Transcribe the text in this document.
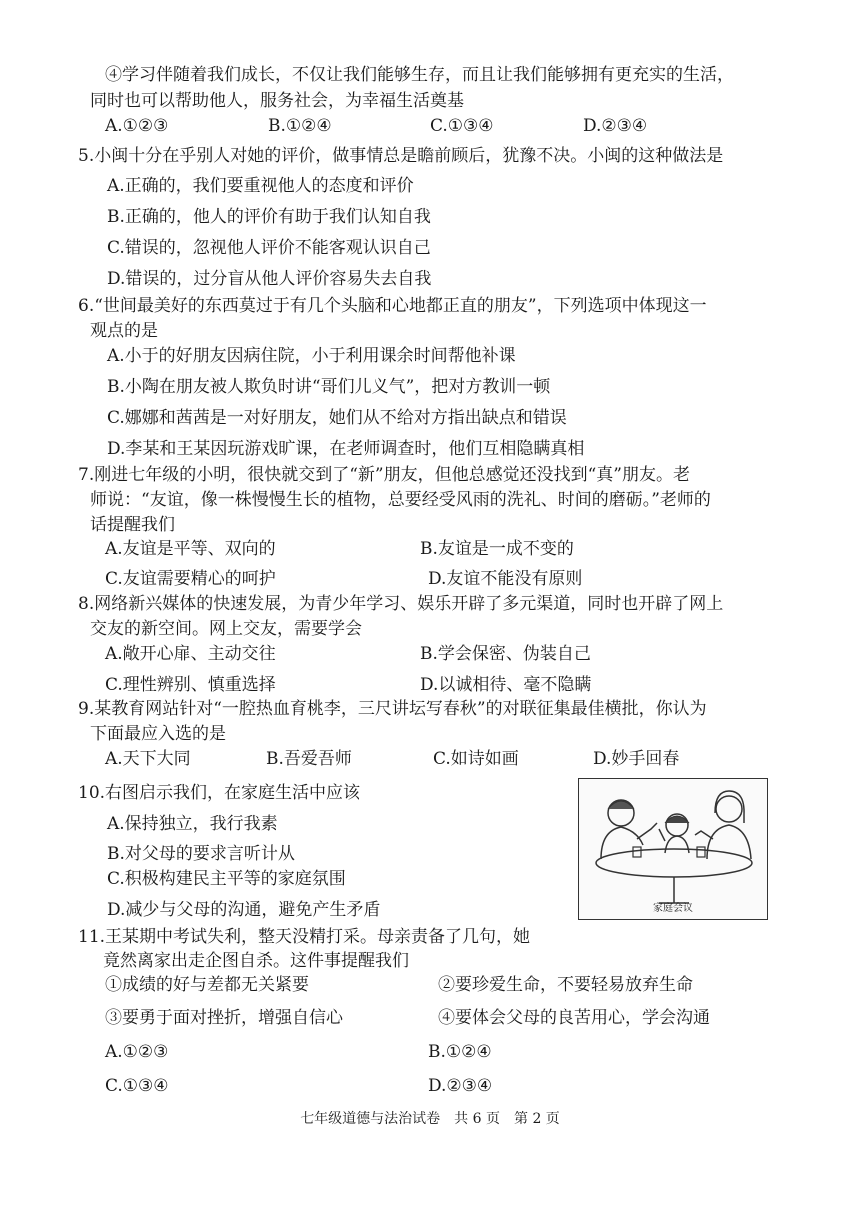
④学习伴随着我们成长，不仅让我们能够生存，而且让我们能够拥有更充实的生活，
同时也可以帮助他人，服务社会，为幸福生活奠基
A.①②③	B.①②④	C.①③④	D.②③④
5.小闽十分在乎别人对她的评价，做事情总是瞻前顾后，犹豫不决。小闽的这种做法是
A.正确的，我们要重视他人的态度和评价
B.正确的，他人的评价有助于我们认知自我
C.错误的，忽视他人评价不能客观认识自己
D.错误的，过分盲从他人评价容易失去自我
6.“世间最美好的东西莫过于有几个头脑和心地都正直的朋友”，下列选项中体现这一
观点的是
A.小于的好朋友因病住院，小于利用课余时间帮他补课
B.小陶在朋友被人欺负时讲“哥们儿义气”，把对方教训一顿
C.娜娜和茜茜是一对好朋友，她们从不给对方指出缺点和错误
D.李某和王某因玩游戏旷课，在老师调查时，他们互相隐瞒真相
7.刚进七年级的小明，很快就交到了“新”朋友，但他总感觉还没找到“真”朋友。老
师说：“友谊，像一株慢慢生长的植物，总要经受风雨的洗礼、时间的磨砺。”老师的
话提醒我们
A.友谊是平等、双向的	B.友谊是一成不变的
C.友谊需要精心的呵护	D.友谊不能没有原则
8.网络新兴媒体的快速发展，为青少年学习、娱乐开辟了多元渠道，同时也开辟了网上
交友的新空间。网上交友，需要学会
A.敞开心扉、主动交往	B.学会保密、伪装自己
C.理性辨别、慎重选择	D.以诚相待、毫不隐瞒
9.某教育网站针对“一腔热血育桃李，三尺讲坛写春秋”的对联征集最佳横批，你认为
下面最应入选的是
A.天下大同	B.吾爱吾师	C.如诗如画	D.妙手回春
10.右图启示我们，在家庭生活中应该
A.保持独立，我行我素
B.对父母的要求言听计从
C.积极构建民主平等的家庭氛围
D.减少与父母的沟通，避免产生矛盾	家庭会议
11.王某期中考试失利，整天没精打采。母亲责备了几句，她
竟然离家出走企图自杀。这件事提醒我们
①成绩的好与差都无关紧要	②要珍爱生命，不要轻易放弃生命
③要勇于面对挫折，增强自信心	④要体会父母的良苦用心，学会沟通
A.①②③	B.①②④
C.①③④	D.②③④
七年级道德与法治试卷　共 6 页　第 2 页
